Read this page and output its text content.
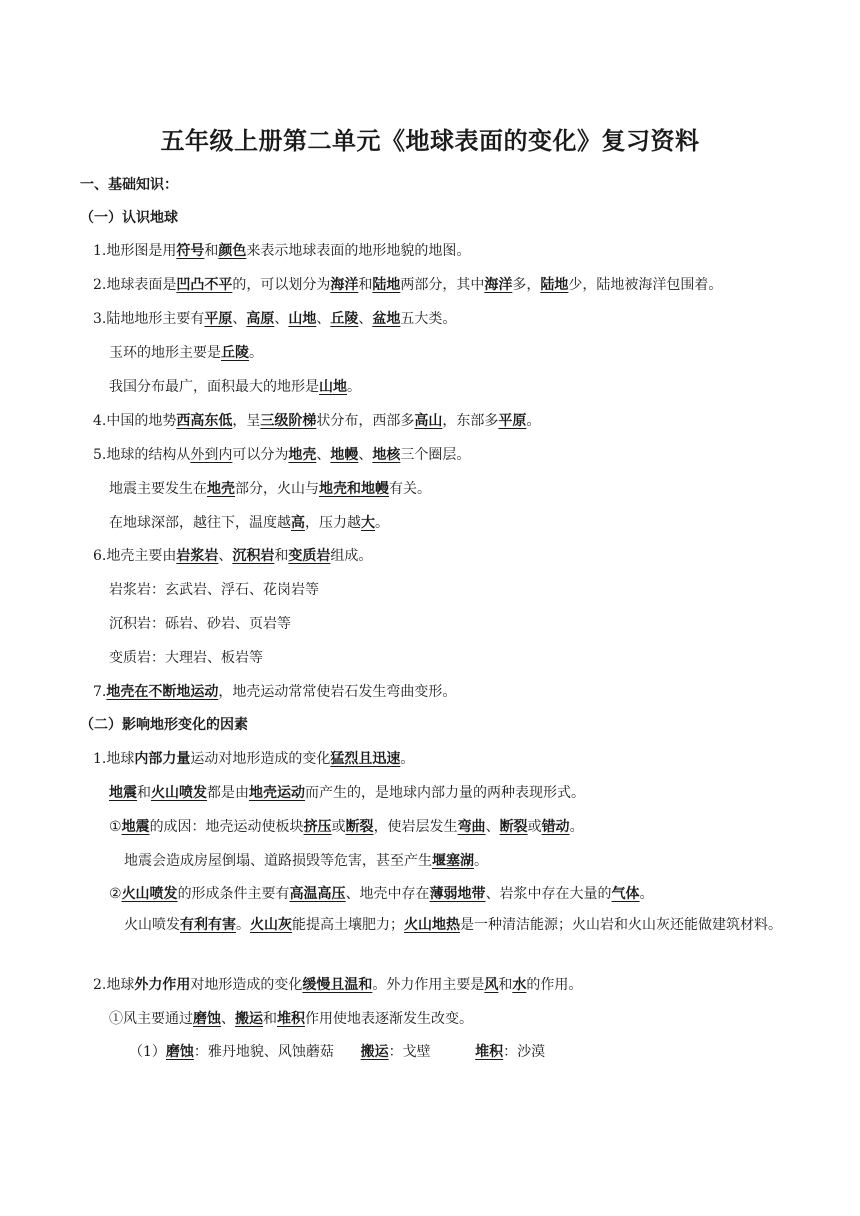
五年级上册第二单元《地球表面的变化》复习资料
一、基础知识：
（一）认识地球
1.地形图是用符号和颜色来表示地球表面的地形地貌的地图。
2.地球表面是凹凸不平的，可以划分为海洋和陆地两部分，其中海洋多，陆地少，陆地被海洋包围着。
3.陆地地形主要有平原、高原、山地、丘陵、盆地五大类。
玉环的地形主要是丘陵。
我国分布最广，面积最大的地形是山地。
4.中国的地势西高东低，呈三级阶梯状分布，西部多高山，东部多平原。
5.地球的结构从外到内可以分为地壳、地幔、地核三个圈层。
地震主要发生在地壳部分，火山与地壳和地幔有关。
在地球深部，越往下，温度越高，压力越大。
6.地壳主要由岩浆岩、沉积岩和变质岩组成。
岩浆岩：玄武岩、浮石、花岗岩等
沉积岩：砾岩、砂岩、页岩等
变质岩：大理岩、板岩等
7.地壳在不断地运动，地壳运动常常使岩石发生弯曲变形。
（二）影响地形变化的因素
1.地球内部力量运动对地形造成的变化猛烈且迅速。
地震和火山喷发都是由地壳运动而产生的，是地球内部力量的两种表现形式。
①地震的成因：地壳运动使板块挤压或断裂，使岩层发生弯曲、断裂或错动。
地震会造成房屋倒塌、道路损毁等危害，甚至产生堰塞湖。
②火山喷发的形成条件主要有高温高压、地壳中存在薄弱地带、岩浆中存在大量的气体。
火山喷发有利有害。火山灰能提高土壤肥力；火山地热是一种清洁能源；火山岩和火山灰还能做建筑材料。
2.地球外力作用对地形造成的变化缓慢且温和。外力作用主要是风和水的作用。
①风主要通过磨蚀、搬运和堆积作用使地表逐渐发生改变。
（1）磨蚀：雅丹地貌、风蚀蘑菇 搬运：戈壁	堆积：沙漠
